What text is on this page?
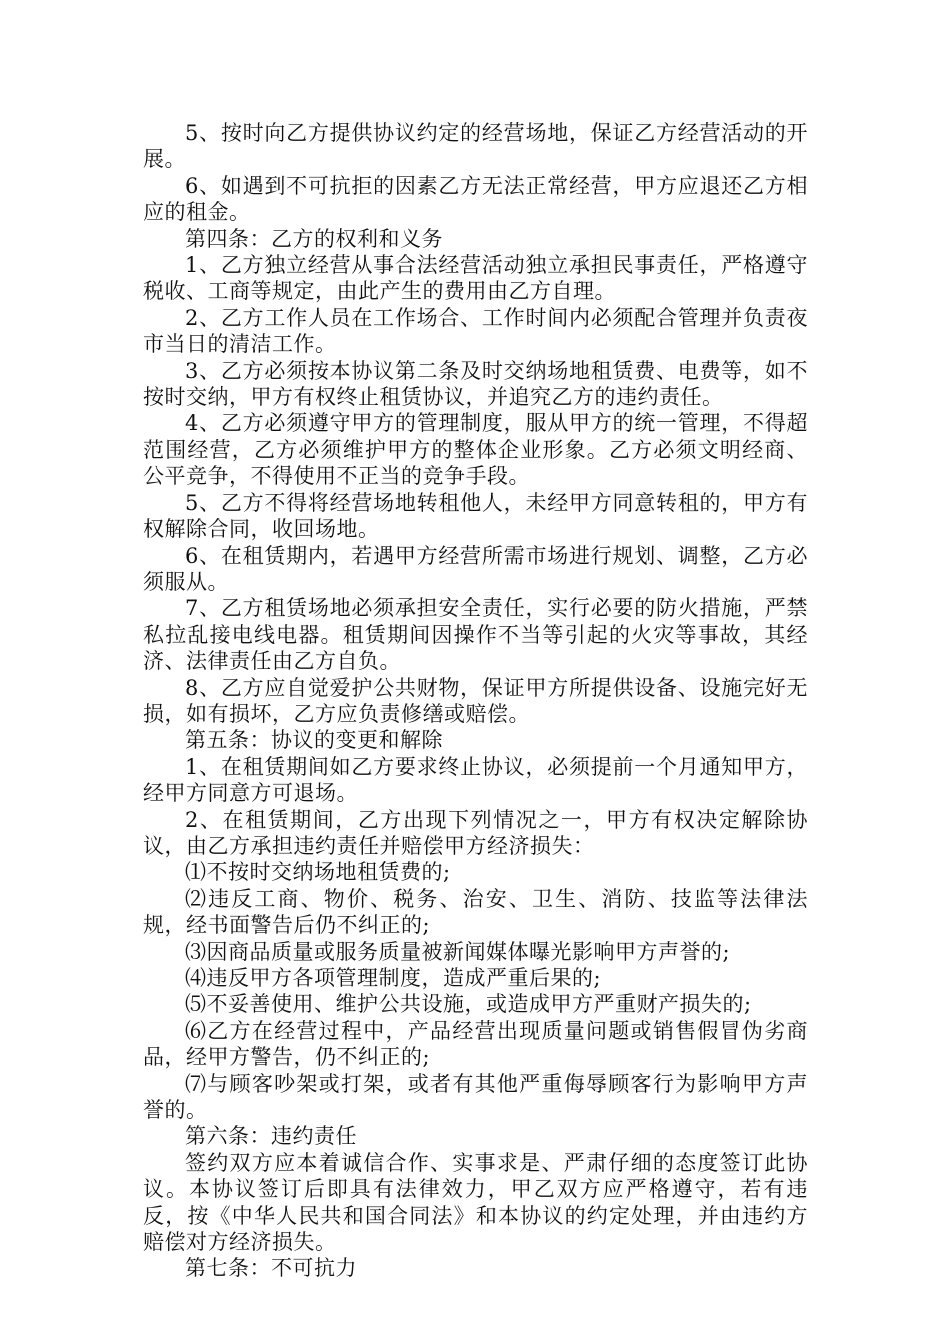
5、按时向乙方提供协议约定的经营场地，保证乙方经营活动的开展。

6、如遇到不可抗拒的因素乙方无法正常经营，甲方应退还乙方相应的租金。

第四条：乙方的权利和义务

1、乙方独立经营从事合法经营活动独立承担民事责任，严格遵守税收、工商等规定，由此产生的费用由乙方自理。

2、乙方工作人员在工作场合、工作时间内必须配合管理并负责夜市当日的清洁工作。

3、乙方必须按本协议第二条及时交纳场地租赁费、电费等，如不按时交纳，甲方有权终止租赁协议，并追究乙方的违约责任。

4、乙方必须遵守甲方的管理制度，服从甲方的统一管理，不得超范围经营，乙方必须维护甲方的整体企业形象。乙方必须文明经商、公平竞争，不得使用不正当的竞争手段。

5、乙方不得将经营场地转租他人，未经甲方同意转租的，甲方有权解除合同，收回场地。

6、在租赁期内，若遇甲方经营所需市场进行规划、调整，乙方必须服从。

7、乙方租赁场地必须承担安全责任，实行必要的防火措施，严禁私拉乱接电线电器。租赁期间因操作不当等引起的火灾等事故，其经济、法律责任由乙方自负。

8、乙方应自觉爱护公共财物，保证甲方所提供设备、设施完好无损，如有损坏，乙方应负责修缮或赔偿。

第五条：协议的变更和解除

1、在租赁期间如乙方要求终止协议，必须提前一个月通知甲方，经甲方同意方可退场。

2、在租赁期间，乙方出现下列情况之一，甲方有权决定解除协议，由乙方承担违约责任并赔偿甲方经济损失：

⑴不按时交纳场地租赁费的;

⑵违反工商、物价、税务、治安、卫生、消防、技监等法律法规，经书面警告后仍不纠正的;

⑶因商品质量或服务质量被新闻媒体曝光影响甲方声誉的;

⑷违反甲方各项管理制度，造成严重后果的;

⑸不妥善使用、维护公共设施，或造成甲方严重财产损失的;

⑹乙方在经营过程中，产品经营出现质量问题或销售假冒伪劣商品，经甲方警告，仍不纠正的;

⑺与顾客吵架或打架，或者有其他严重侮辱顾客行为影响甲方声誉的。

第六条：违约责任

签约双方应本着诚信合作、实事求是、严肃仔细的态度签订此协议。本协议签订后即具有法律效力，甲乙双方应严格遵守，若有违反，按《中华人民共和国合同法》和本协议的约定处理，并由违约方赔偿对方经济损失。

第七条：不可抗力
